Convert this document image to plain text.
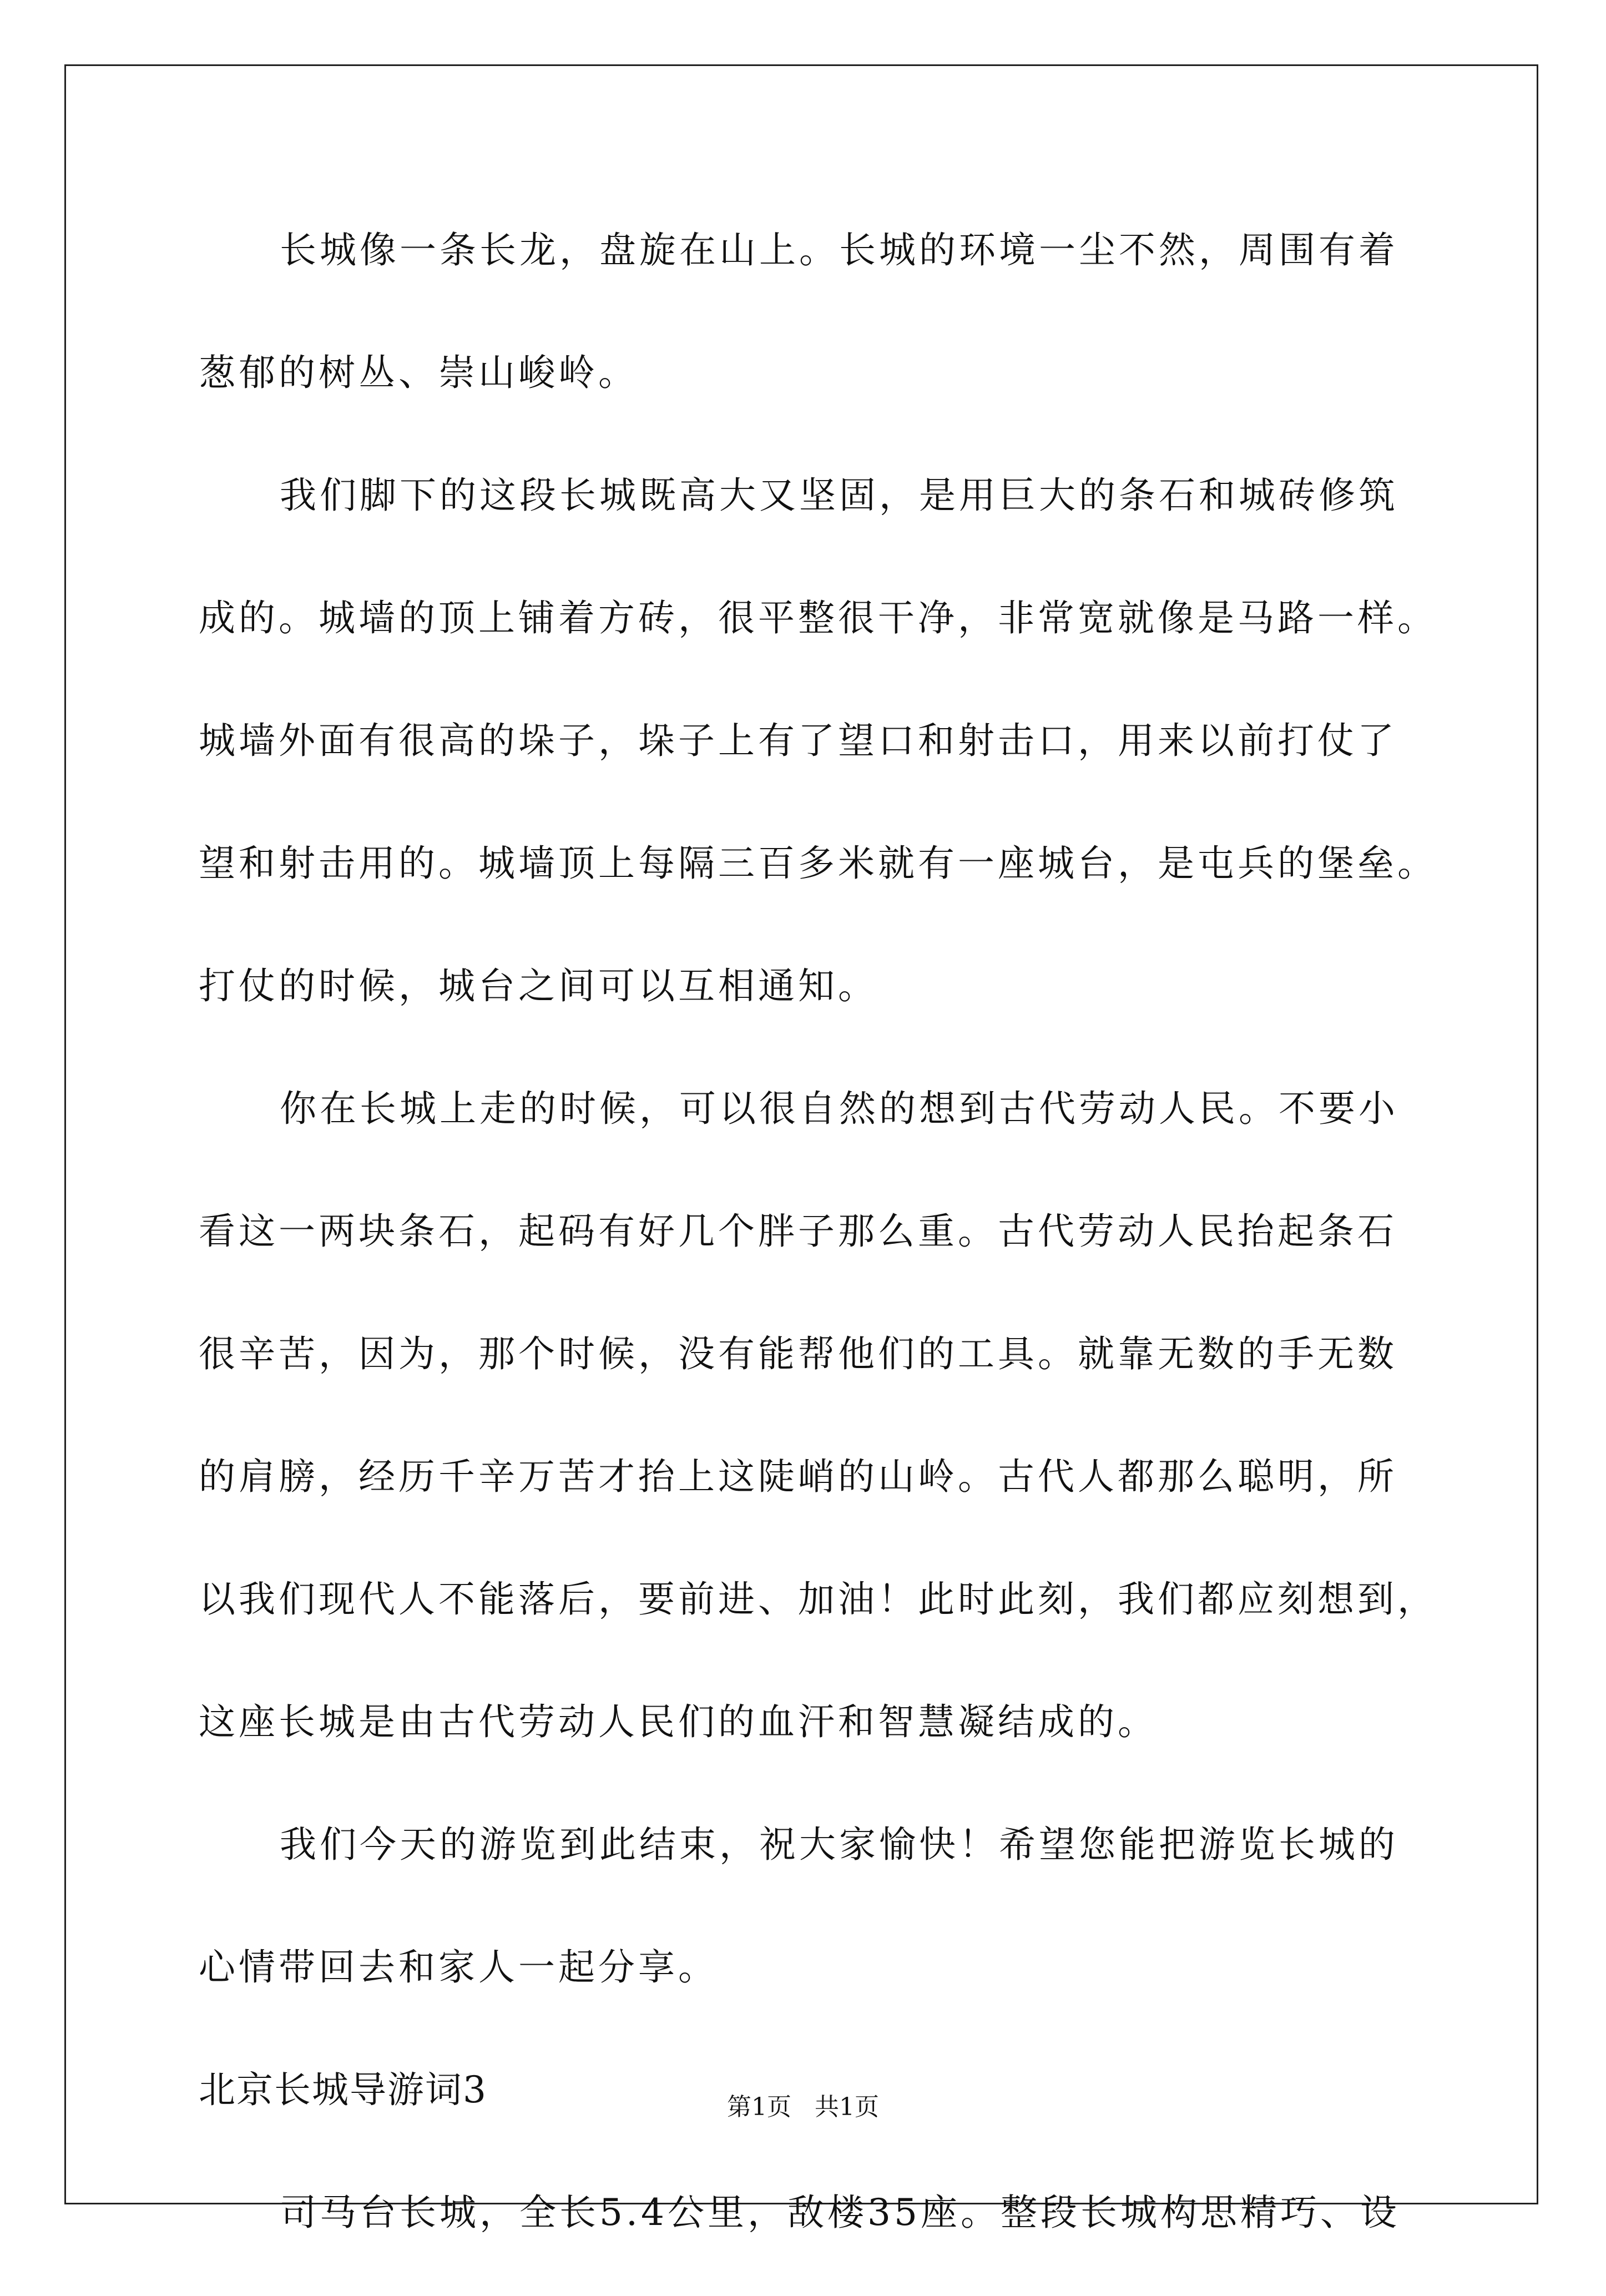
长城像一条长龙，盘旋在山上。长城的环境一尘不然，周围有着
葱郁的树丛、崇山峻岭。
我们脚下的这段长城既高大又坚固，是用巨大的条石和城砖修筑
成的。城墙的顶上铺着方砖，很平整很干净，非常宽就像是马路一样。
城墙外面有很高的垛子，垛子上有了望口和射击口，用来以前打仗了
望和射击用的。城墙顶上每隔三百多米就有一座城台，是屯兵的堡垒。
打仗的时候，城台之间可以互相通知。
你在长城上走的时候，可以很自然的想到古代劳动人民。不要小
看这一两块条石，起码有好几个胖子那么重。古代劳动人民抬起条石
很辛苦，因为，那个时候，没有能帮他们的工具。就靠无数的手无数
的肩膀，经历千辛万苦才抬上这陡峭的山岭。古代人都那么聪明，所
以我们现代人不能落后，要前进、加油！此时此刻，我们都应刻想到，
这座长城是由古代劳动人民们的血汗和智慧凝结成的。
我们今天的游览到此结束，祝大家愉快！希望您能把游览长城的
心情带回去和家人一起分享。
北京长城导游词3
司马台长城，全长5.4公里，敌楼35座。整段长城构思精巧、设
第1页   共1页
